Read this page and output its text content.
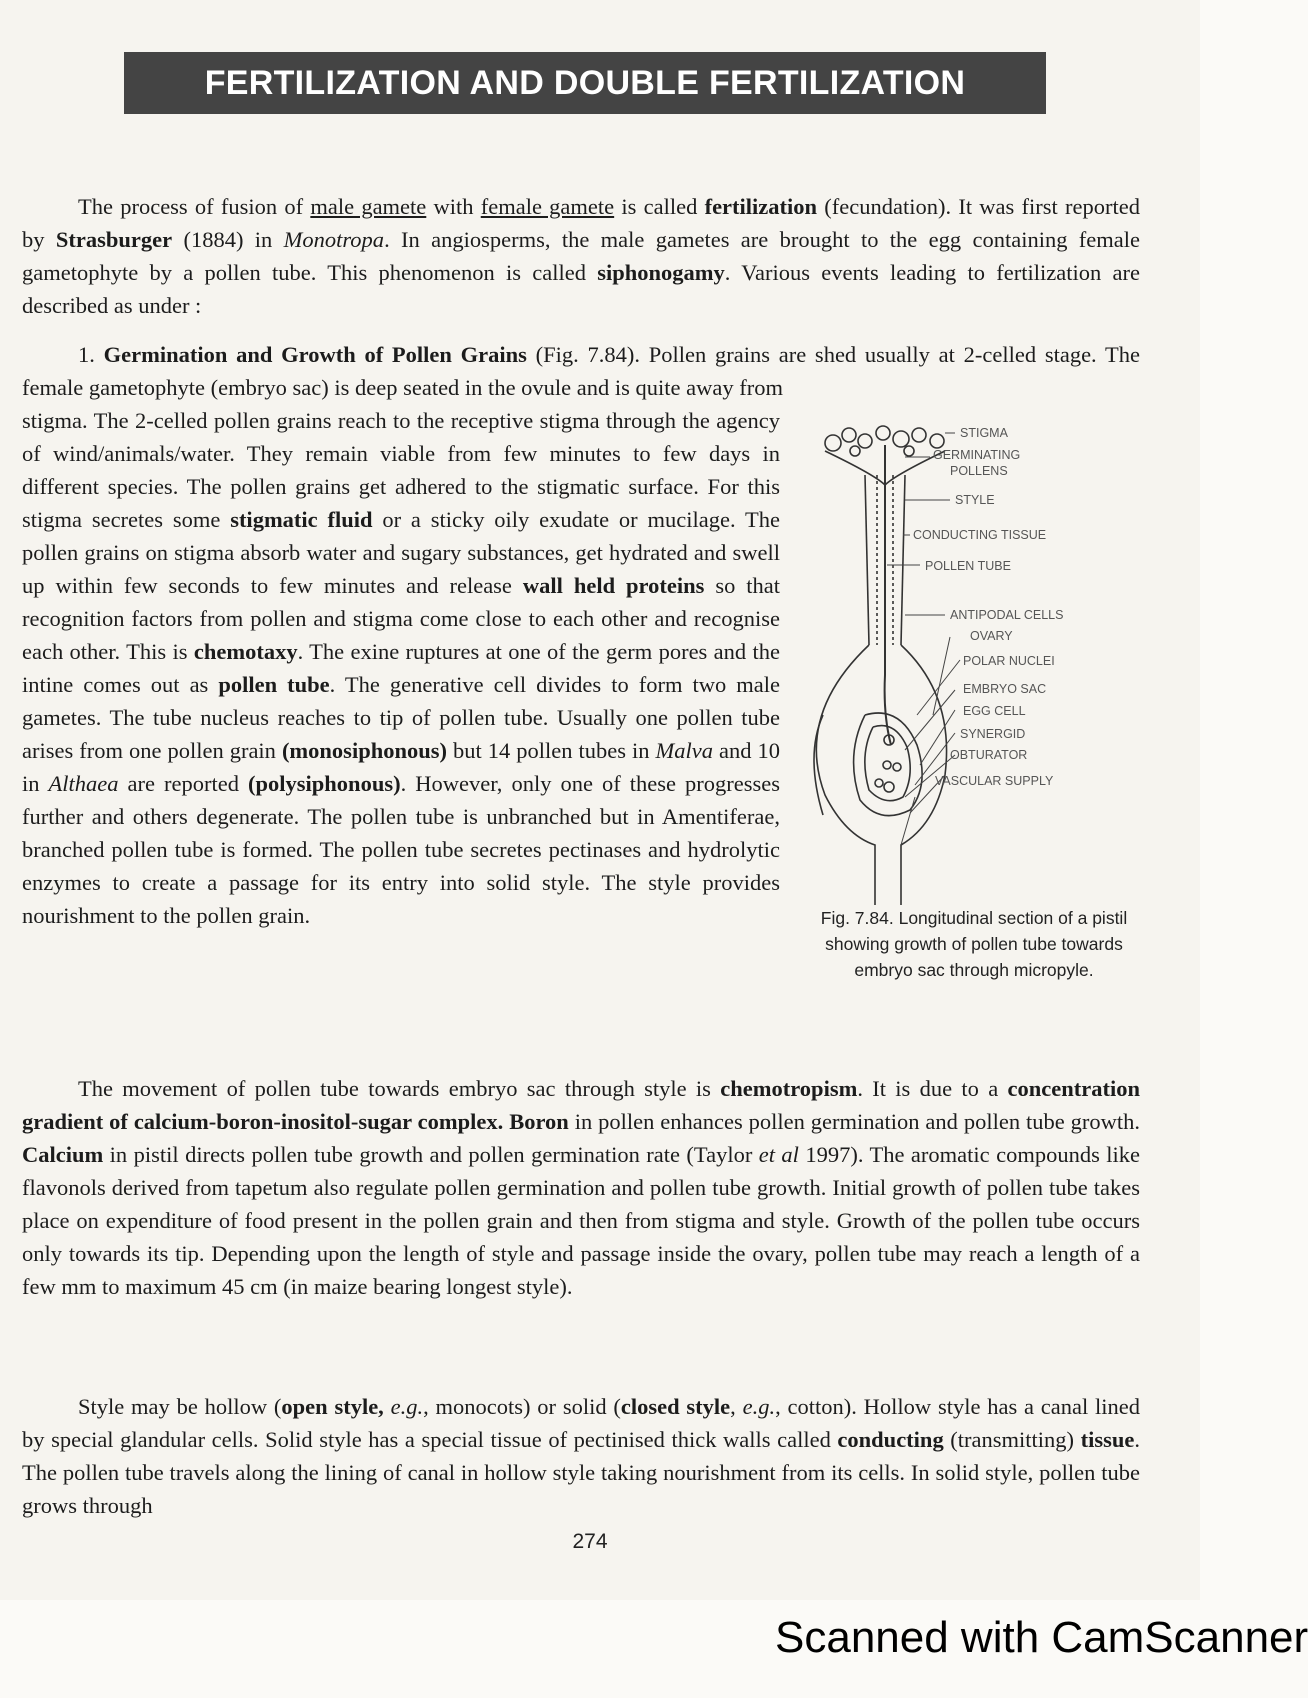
FERTILIZATION AND DOUBLE FERTILIZATION

The process of fusion of male gamete with female gamete is called fertilization (fecundation). It was first reported by Strasburger (1884) in Monotropa. In angiosperms, the male gametes are brought to the egg containing female gametophyte by a pollen tube. This phenomenon is called siphonogamy. Various events leading to fertilization are described as under :

1. Germination and Growth of Pollen Grains (Fig. 7.84). Pollen grains are shed usually at 2-celled stage. The female gametophyte (embryo sac) is deep seated in the ovule and is quite away from

stigma. The 2-celled pollen grains reach to the receptive stigma through the agency of wind/animals/water. They remain viable from few minutes to few days in different species. The pollen grains get adhered to the stigmatic surface. For this stigma secretes some stigmatic fluid or a sticky oily exudate or mucilage. The pollen grains on stigma absorb water and sugary substances, get hydrated and swell up within few seconds to few minutes and release wall held proteins so that recognition factors from pollen and stigma come close to each other and recognise each other. This is chemotaxy. The exine ruptures at one of the germ pores and the intine comes out as pollen tube. The generative cell divides to form two male gametes. The tube nucleus reaches to tip of pollen tube. Usually one pollen tube arises from one pollen grain (monosiphonous) but 14 pollen tubes in Malva and 10 in Althaea are reported (polysiphonous). However, only one of these progresses further and others degenerate. The pollen tube is unbranched but in Amentiferae, branched pollen tube is formed. The pollen tube secretes pectinases and hydrolytic enzymes to create a passage for its entry into solid style. The style provides nourishment to the pollen grain.

STIGMA
GERMINATING
POLLENS
STYLE
CONDUCTING TISSUE
POLLEN TUBE
ANTIPODAL CELLS
OVARY
POLAR NUCLEI
EMBRYO SAC
EGG CELL
SYNERGID
OBTURATOR
VASCULAR SUPPLY
Fig. 7.84. Longitudinal section of a pistil showing growth of pollen tube towards embryo sac through micropyle.

The movement of pollen tube towards embryo sac through style is chemotropism. It is due to a concentration gradient of calcium-boron-inositol-sugar complex. Boron in pollen enhances pollen germination and pollen tube growth. Calcium in pistil directs pollen tube growth and pollen germination rate (Taylor et al 1997). The aromatic compounds like flavonols derived from tapetum also regulate pollen germination and pollen tube growth. Initial growth of pollen tube takes place on expenditure of food present in the pollen grain and then from stigma and style. Growth of the pollen tube occurs only towards its tip. Depending upon the length of style and passage inside the ovary, pollen tube may reach a length of a few mm to maximum 45 cm (in maize bearing longest style).

Style may be hollow (open style, e.g., monocots) or solid (closed style, e.g., cotton). Hollow style has a canal lined by special glandular cells. Solid style has a special tissue of pectinised thick walls called conducting (transmitting) tissue. The pollen tube travels along the lining of canal in hollow style taking nourishment from its cells. In solid style, pollen tube grows through

274
Scanned with CamScanner
